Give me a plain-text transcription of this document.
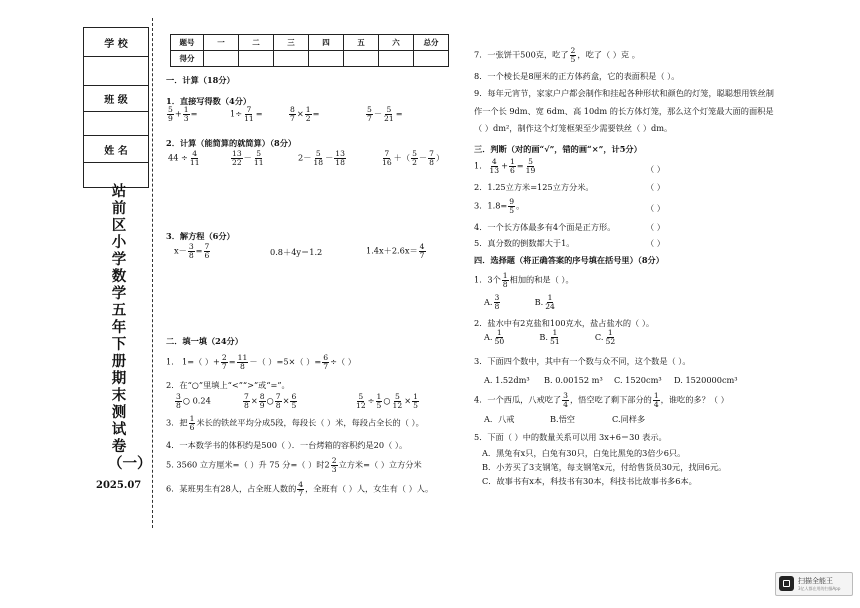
学 校

班 级

姓 名

站前区小学数学五年下册期末测试卷（一）
2025.07
题号	一	二	三	四	五	六	总分
得分							
一．计算（18分）
1．直接写得数（4分）
$\frac{5}{9} + \frac{1}{3}$ =	$1\div \frac{7}{11}$ =	$\frac{8}{7} \times \frac{1}{2}$ =	$\frac{5}{7} - \frac{5}{21}$ =
2．计算（能简算的就简算）（8分）
$44 \div \frac{4}{11}$	$\frac{13}{22} - \frac{5}{11}$	$2- \frac{5}{18} - \frac{13}{18}$	$\frac{7}{16}$ ＋（ $\frac{5}{2} - \frac{7}{8}$ ）
3．解方程（6分）
$x- \frac{3}{8} = \frac{7}{6}$	0.8＋4y＝1.2	$1.4x+2.6x= \frac{4}{7}$
二．填一填（24分）
1． 1=（ ）+ $\frac{2}{7} = \frac{11}{8}$ －（ ）=5×（ ）= $\frac{6}{7}$ ÷（ ）
2．在“○”里填上“<”“>”或“=”。
$\frac{3}{8}$ ○ 0.24	$\frac{7}{8} \times \frac{8}{9}$ ○ $\frac{7}{8} \times \frac{6}{5}$	$\frac{5}{12} \div \frac{1}{5}$ ○ $\frac{5}{12} \times \frac{1}{5}$
3．把 $\frac{1}{6}$ 米长的铁丝平均分成5段，每段长（ ）米，每段占全长的（ ）。
4．一本数学书的体积约是500（ ）．一台烤箱的容积约是20（ ）。
5. 3560 立方厘米=（ ）升 75 分=（ ）时$2 \frac{2}{3}$ 立方米=（ ）立方分米
6．某班男生有28人，占全班人数的 $\frac{4}{7}$ ，全班有（ ）人，女生有（ ）人。
7．一张饼干500克，吃了 $\frac{2}{5}$ ，吃了（ ）克 。
8．一个棱长是8厘米的正方体药盒，它的表面积是（ ）。
9．每年元宵节，家家户户都会制作和挂起各种形状和颜色的灯笼，聪聪想用铁丝制
作一个长 9dm、宽 6dm、高 10dm 的长方体灯笼，那么这个灯笼最大面的面积是
（ ）dm²，制作这个灯笼框架至少需要铁丝（ ）dm。
三．判断（对的画“√”，错的画“×”，计5分）
1． $\frac{4}{13} + \frac{1}{6} = \frac{5}{19}$	（ ）
2．1.25立方米=125立方分米。	（ ）
3．$1.8= \frac{9}{5}$ 。	（ ）
4．一个长方体最多有4个面是正方形。	（ ）
5．真分数的倒数都大于1。	（ ）
四．选择题（将正确答案的序号填在括号里）（8分）
1．3个 $\frac{1}{8}$ 相加的和是（ ）。
A. $\frac{3}{8}$	B. $\frac{1}{24}$
2．盐水中有2克盐和100克水，盐占盐水的（ ）。
A. $\frac{1}{50}$	B. $\frac{1}{51}$	C. $\frac{1}{52}$
3．下面四个数中，其中有一个数与众不同，这个数是（ ）。
A. 1.52dm³ B. 0.00152 m³ C. 1520cm³ D. 1520000cm³
4．一个西瓜，八戒吃了 $\frac{3}{4}$ ，悟空吃了剩下部分的 $\frac{1}{4}$ ，谁吃的多？（ ）
A．八戒	B.悟空	C.同样多
5．下面（ ）中的数量关系可以用 3x+6＝30 表示。
A．黑兔有x只，白兔有30只，白兔比黑兔的3倍少6只。
B．小芳买了3支钢笔，每支钢笔x元，付给售货员30元，找回6元。
C．故事书有x本，科技书有30本，科技书比故事书多6本。
扫描全能王
3亿人都在用的扫描App
